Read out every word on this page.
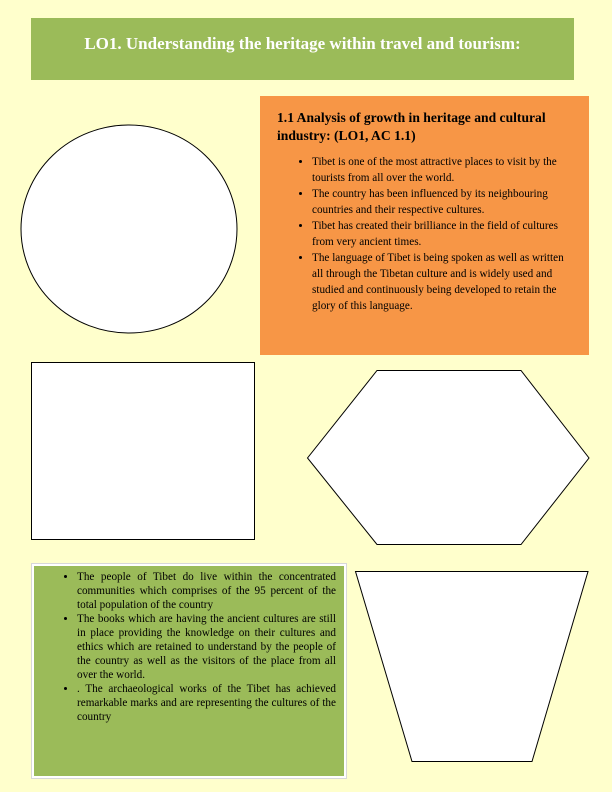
LO1. Understanding the heritage within travel and tourism:
1.1 Analysis of growth in heritage and cultural industry: (LO1, AC 1.1)
• Tibet is one of the most attractive places to visit by the tourists from all over the world.
• The country has been influenced by its neighbouring countries and their respective cultures.
• Tibet has created their brilliance in the field of cultures from very ancient times.
• The language of Tibet is being spoken as well as written all through the Tibetan culture and is widely used and studied and continuously being developed to retain the glory of this language.
• The people of Tibet do live within the concentrated communities which comprises of the 95 percent of the total population of the country
• The books which are having the ancient cultures are still in place providing the knowledge on their cultures and ethics which are retained to understand by the people of the country as well as the visitors of the place from all over the world.
• . The archaeological works of the Tibet has achieved remarkable marks and are representing the cultures of the country
